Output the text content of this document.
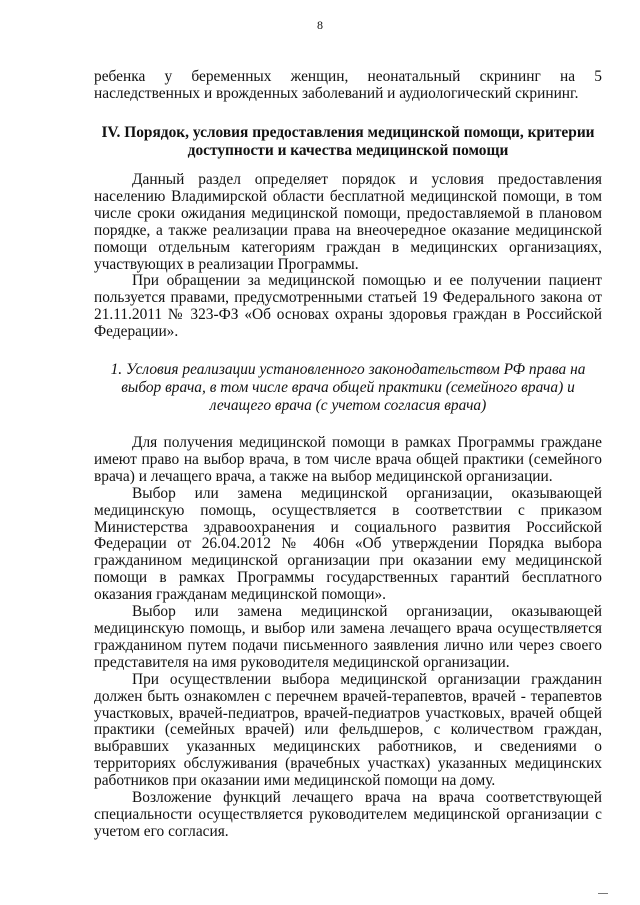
8

ребенка у беременных женщин, неонатальный скрининг на 5 наследственных и врожденных заболеваний и аудиологический скрининг.

IV. Порядок, условия предоставления медицинской помощи, критерии доступности и качества медицинской помощи

Данный раздел определяет порядок и условия предоставления населению Владимирской области бесплатной медицинской помощи, в том числе сроки ожидания медицинской помощи, предоставляемой в плановом порядке, а также реализации права на внеочередное оказание медицинской помощи отдельным категориям граждан в медицинских организациях, участвующих в реализации Программы.

При обращении за медицинской помощью и ее получении пациент пользуется правами, предусмотренными статьей 19 Федерального закона от 21.11.2011 № 323-ФЗ «Об основах охраны здоровья граждан в Российской Федерации».

1. Условия реализации установленного законодательством РФ права на выбор врача, в том числе врача общей практики (семейного врача) и лечащего врача (с учетом согласия врача)

Для получения медицинской помощи в рамках Программы граждане имеют право на выбор врача, в том числе врача общей практики (семейного врача) и лечащего врача, а также на выбор медицинской организации.

Выбор или замена медицинской организации, оказывающей медицинскую помощь, осуществляется в соответствии с приказом Министерства здравоохранения и социального развития Российской Федерации от 26.04.2012 № 406н «Об утверждении Порядка выбора гражданином медицинской организации при оказании ему медицинской помощи в рамках Программы государственных гарантий бесплатного оказания гражданам медицинской помощи».

Выбор или замена медицинской организации, оказывающей медицинскую помощь, и выбор или замена лечащего врача осуществляется гражданином путем подачи письменного заявления лично или через своего представителя на имя руководителя медицинской организации.

При осуществлении выбора медицинской организации гражданин должен быть ознакомлен с перечнем врачей-терапевтов, врачей - терапевтов участковых, врачей-педиатров, врачей-педиатров участковых, врачей общей практики (семейных врачей) или фельдшеров, с количеством граждан, выбравших указанных медицинских работников, и сведениями о территориях обслуживания (врачебных участках) указанных медицинских работников при оказании ими медицинской помощи на дому.

Возложение функций лечащего врача на врача соответствующей специальности осуществляется руководителем медицинской организации с учетом его согласия.
